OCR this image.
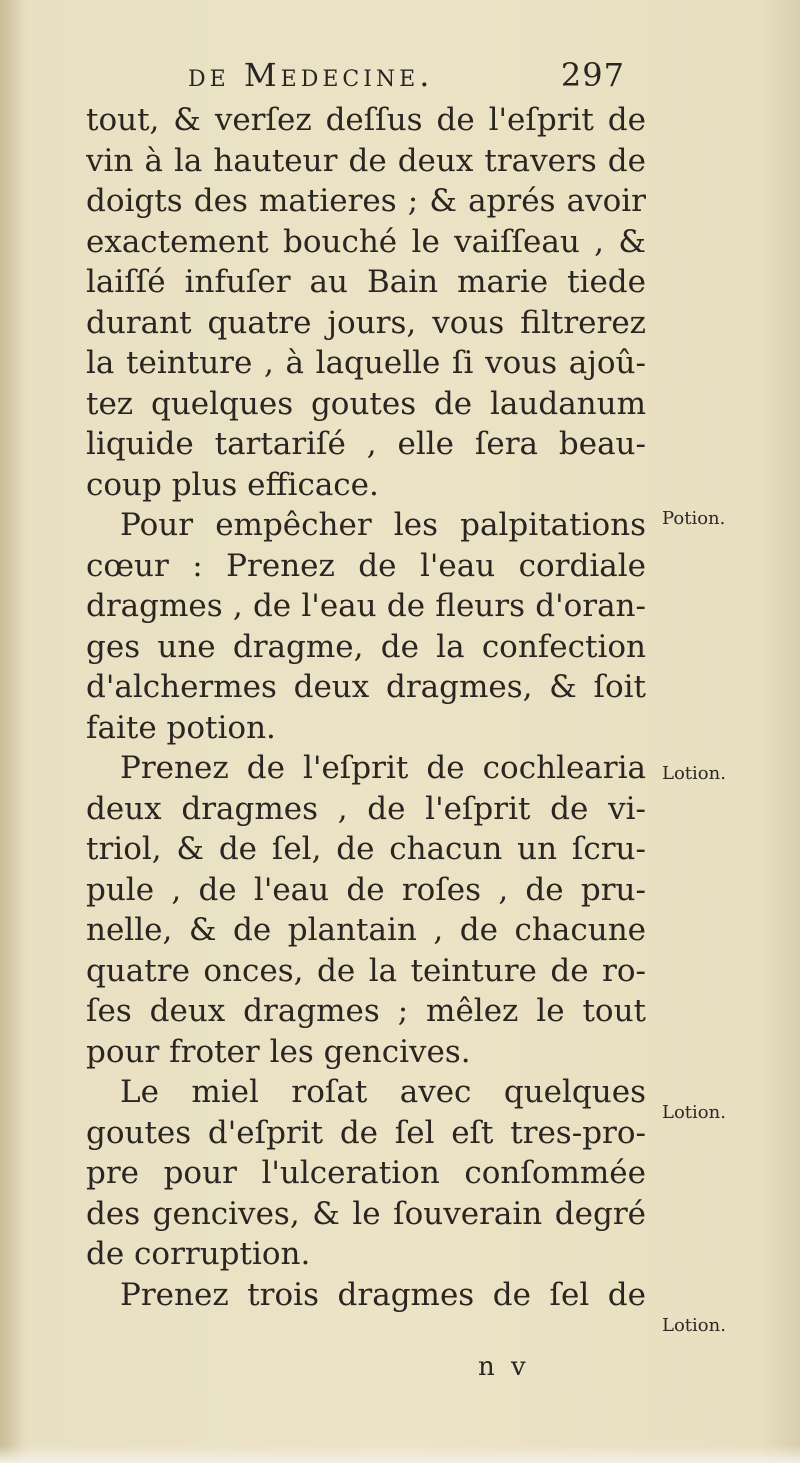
de Medecine.	297
tout, & verſez deſſus de l'eſprit de
vin à la hauteur de deux travers de
doigts des matieres ; & aprés avoir
exactement bouché le vaiſſeau , &
laiſſé infuſer au Bain marie tiede
durant quatre jours, vous filtrerez
la teinture , à laquelle ſi vous ajoû-
tez quelques goutes de laudanum
liquide tartariſé , elle ſera beau-
coup plus efficace.
Pour empêcher les palpitations
cœur : Prenez de l'eau cordiale
dragmes , de l'eau de fleurs d'oran-
ges une dragme, de la confection
d'alchermes deux dragmes, & ſoit
faite potion.
Prenez de l'eſprit de cochlearia
deux dragmes , de l'eſprit de vi-
triol, & de ſel, de chacun un ſcru-
pule , de l'eau de roſes , de pru-
nelle, & de plantain , de chacune
quatre onces, de la teinture de ro-
ſes deux dragmes ; mêlez le tout
pour froter les gencives.
Le miel roſat avec quelques
goutes d'eſprit de ſel eſt tres-pro-
pre pour l'ulceration conſommée
des gencives, & le ſouverain degré
de corruption.
Prenez trois dragmes de ſel de
Potion.
Lotion.
Lotion.
Lotion.
n v
